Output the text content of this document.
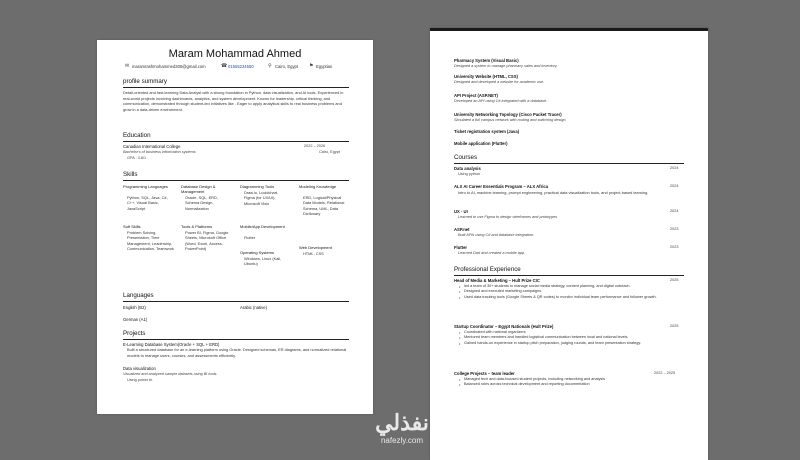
Maram Mohammad Ahmed
✉ maramrashmohammed305@gmail.com	☎ 01555234550	⚲ Cairo, Egypt ⚑ Egyptian
profile summary
Detail-oriented and fast-learning Data Analyst with a strong foundation in Python, data visualization, and AI tools. Experienced in real-world projects involving dashboards, analytics, and system development. Known for leadership, critical thinking, and communication, demonstrated through student-led initiatives like . Eager to apply analytical skills to real business problems and grow in a data-driven environment.
Education
Canadian International College	2022 – 2026
Bachelor's of business information systems	Cairo, Egypt
GPA : 3.8/1
Skills
Programming Languages
Python, SQL, Java, C#, C++, Visual Basic, JavaScript
Database Design & Management
Oracle, SQL, ERD, Schema Design, Normalization
Diagramming Tools
Draw.io, Lucidchart, Figma (for UX/UI), Microsoft Visio
Modeling Knowledge
ERD, Logical/Physical Data Models, Relational Schema, UML, Data Dictionary
Soft Skills
Problem Solving, Presentation, Time Management, Leadership, Communication, Teamwork
Tools & Platforms
Power BI, Figma, Google Sheets, Microsoft Office (Word, Excel, Access, PowerPoint)
Mobile/App Development
Flutter
Web Development
HTML, CSS
Operating Systems
Windows, Linux (Kali, Ubuntu)
Languages
English (B2)	Arabic (native)
German (A1)
Projects
E-Learning Database System(Oracle + SQL + ERD)
Built a structured database for an e-learning platform using Oracle. Designed schemas, ER diagrams, and normalized relational models to manage users, courses, and assessments efficiently.
Data visualization
Visualized and analyzed sample datasets using BI tools.
Using power bi.
Pharmacy System (Visual Basic)
Designed a system to manage pharmacy sales and inventory.
University Website (HTML, CSS)
Designed and developed a website for academic use.
API Project (ASP.NET)
Developed an API using C# integrated with a database.
University Networking Topology (Cisco Packet Tracer)
Simulated a full campus network with routing and switching design.
Ticket registration system (Java)
Mobile application (Flutter)
Courses
Data analysis	2024
Using python
ALX AI Career Essentials Program – ALX Africa	2024
Intro to AI, machine learning, prompt engineering, practical data visualization tools, and project-based learning.
UX - UI	2024
Learned to use Figma to design wireframes and prototypes
ASP.net	2023
Built APIs using C# and database integration.
Flutter	2023
Learned Dart and created a mobile app.
Professional Experience
Head of Media & Marketing – Hult Prize CIC	2025
• led a team of 30+ students to manage social media strategy, content planning, and digital outreach.
• Designed and executed marketing campaigns.
• Used data tracking tools (Google Sheets & QR codes) to monitor individual team performance and follower growth.
Startup Coordinator – Egypt Nationals (Hult Prize)	2025
• Coordinated with national organizers
• Mentored team members and handled logistical communication between local and national levels.
• Gained hands-on experience in startup pitch preparation, judging rounds, and team presentation strategy.
College Projects – team leader	2022 – 2025
• Managed tech and data-focused student projects, including networking and analysis
• Balanced roles across technical development and reporting documentation
نفذلي
nafezly.com
